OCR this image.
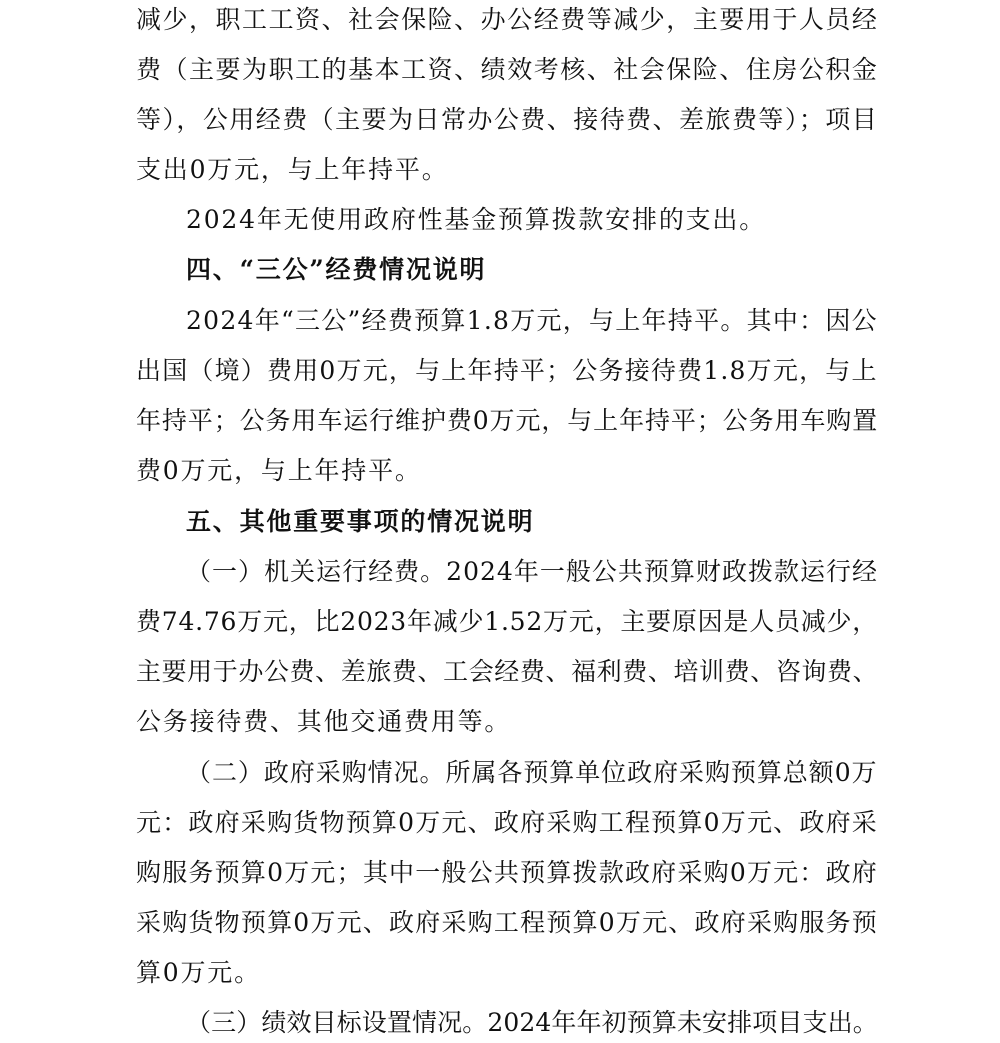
减少，职工工资、社会保险、办公经费等减少，主要用于人员经
费（主要为职工的基本工资、绩效考核、社会保险、住房公积金
等），公用经费（主要为日常办公费、接待费、差旅费等）；项目
支出0万元，与上年持平。
2024年无使用政府性基金预算拨款安排的支出。
四、“三公”经费情况说明
2024年“三公”经费预算1.8万元，与上年持平。其中：因公
出国（境）费用0万元，与上年持平；公务接待费1.8万元，与上
年持平；公务用车运行维护费0万元，与上年持平；公务用车购置
费0万元，与上年持平。
五、其他重要事项的情况说明
（一）机关运行经费。2024年一般公共预算财政拨款运行经
费74.76万元，比2023年减少1.52万元，主要原因是人员减少，
主要用于办公费、差旅费、工会经费、福利费、培训费、咨询费、
公务接待费、其他交通费用等。
（二）政府采购情况。所属各预算单位政府采购预算总额0万
元：政府采购货物预算0万元、政府采购工程预算0万元、政府采
购服务预算0万元；其中一般公共预算拨款政府采购0万元：政府
采购货物预算0万元、政府采购工程预算0万元、政府采购服务预
算0万元。
（三）绩效目标设置情况。2024年年初预算未安排项目支出。
